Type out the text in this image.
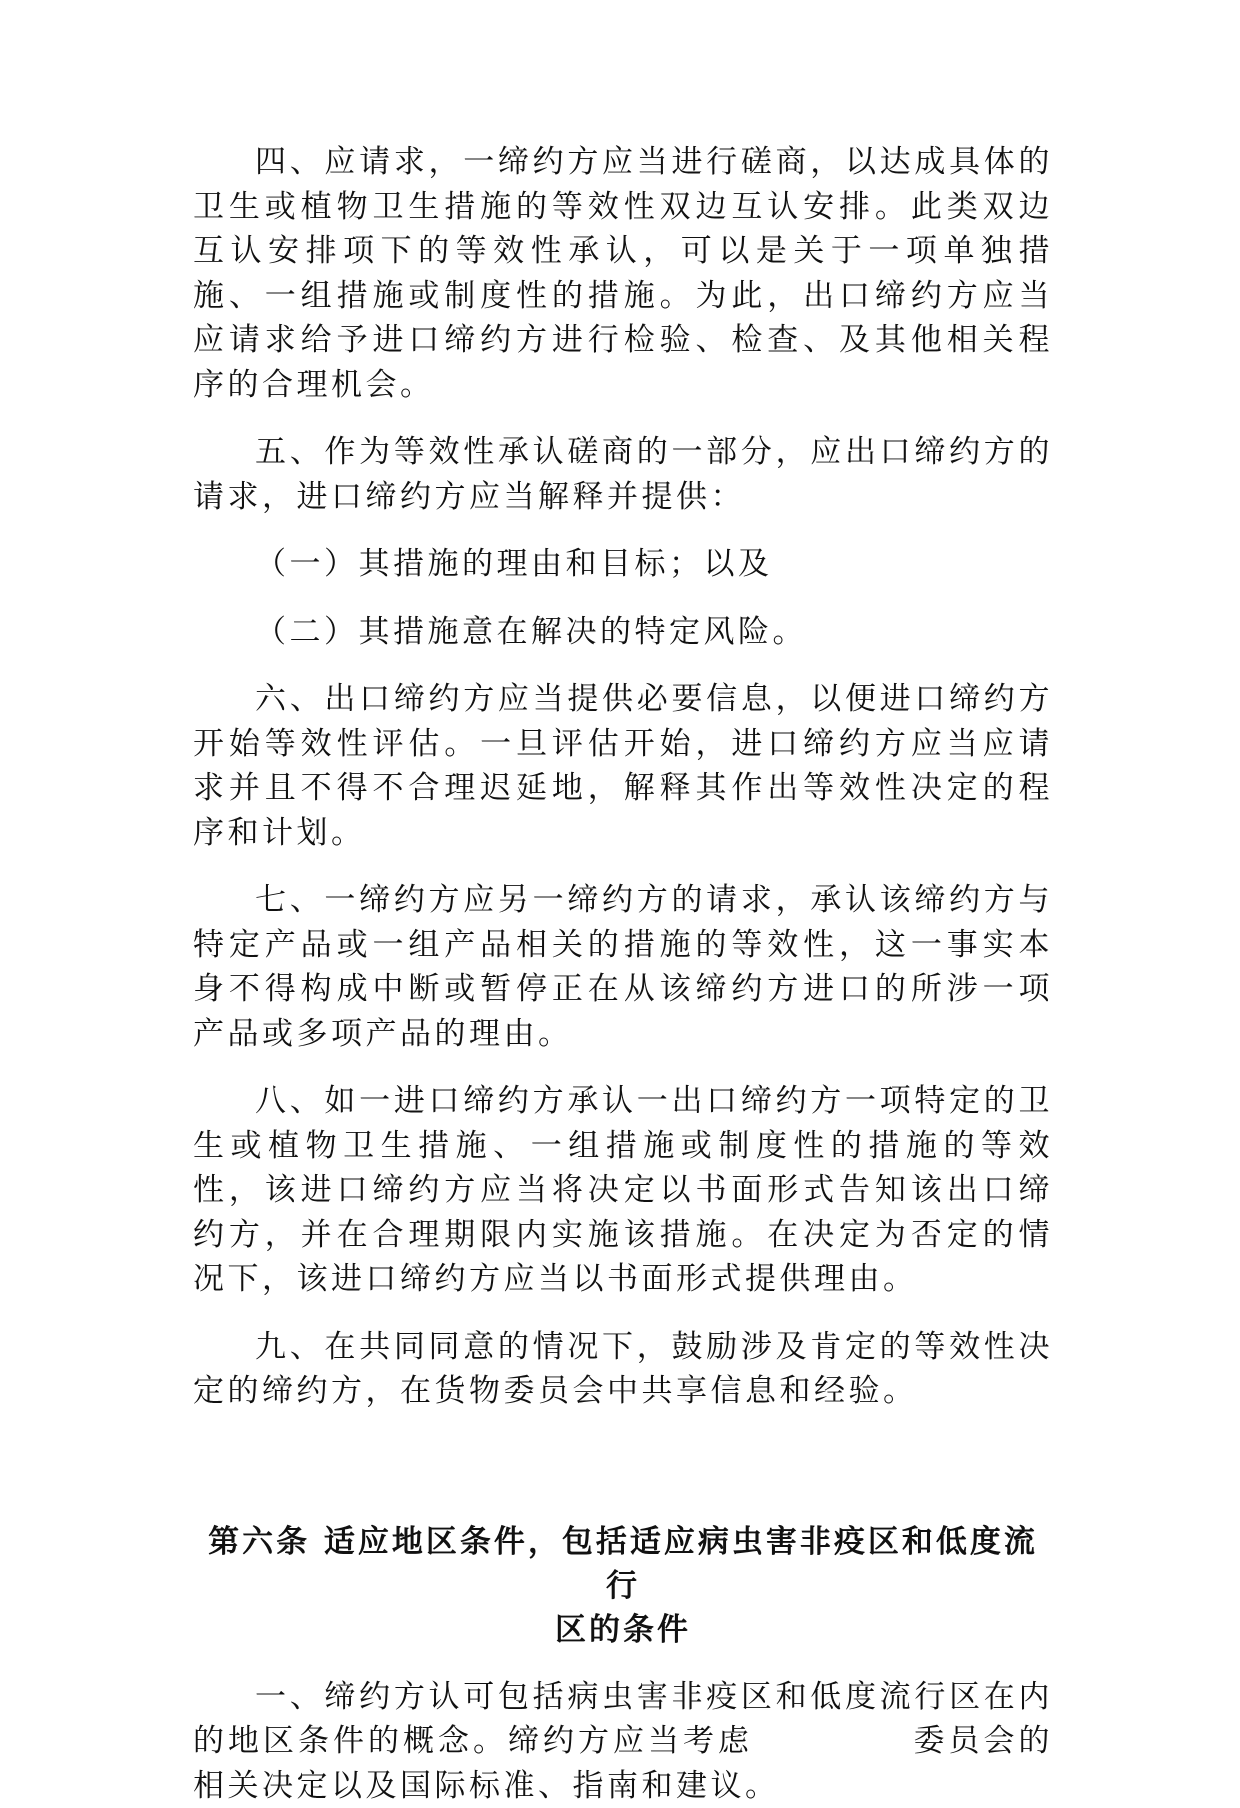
四、应请求，一缔约方应当进行磋商，以达成具体的卫生或植物卫生措施的等效性双边互认安排。此类双边互认安排项下的等效性承认，可以是关于一项单独措施、一组措施或制度性的措施。为此，出口缔约方应当应请求给予进口缔约方进行检验、检查、及其他相关程序的合理机会。

五、作为等效性承认磋商的一部分，应出口缔约方的请求，进口缔约方应当解释并提供：

（一）其措施的理由和目标；以及

（二）其措施意在解决的特定风险。

六、出口缔约方应当提供必要信息，以便进口缔约方开始等效性评估。一旦评估开始，进口缔约方应当应请求并且不得不合理迟延地，解释其作出等效性决定的程序和计划。

七、一缔约方应另一缔约方的请求，承认该缔约方与特定产品或一组产品相关的措施的等效性，这一事实本身不得构成中断或暂停正在从该缔约方进口的所涉一项产品或多项产品的理由。

八、如一进口缔约方承认一出口缔约方一项特定的卫生或植物卫生措施、一组措施或制度性的措施的等效性，该进口缔约方应当将决定以书面形式告知该出口缔约方，并在合理期限内实施该措施。在决定为否定的情况下，该进口缔约方应当以书面形式提供理由。

九、在共同同意的情况下，鼓励涉及肯定的等效性决定的缔约方，在货物委员会中共享信息和经验。

第六条 适应地区条件，包括适应病虫害非疫区和低度流行
区的条件

一、缔约方认可包括病虫害非疫区和低度流行区在内的地区条件的概念。缔约方应当考虑	委员会的相关决定以及国际标准、指南和建议。
